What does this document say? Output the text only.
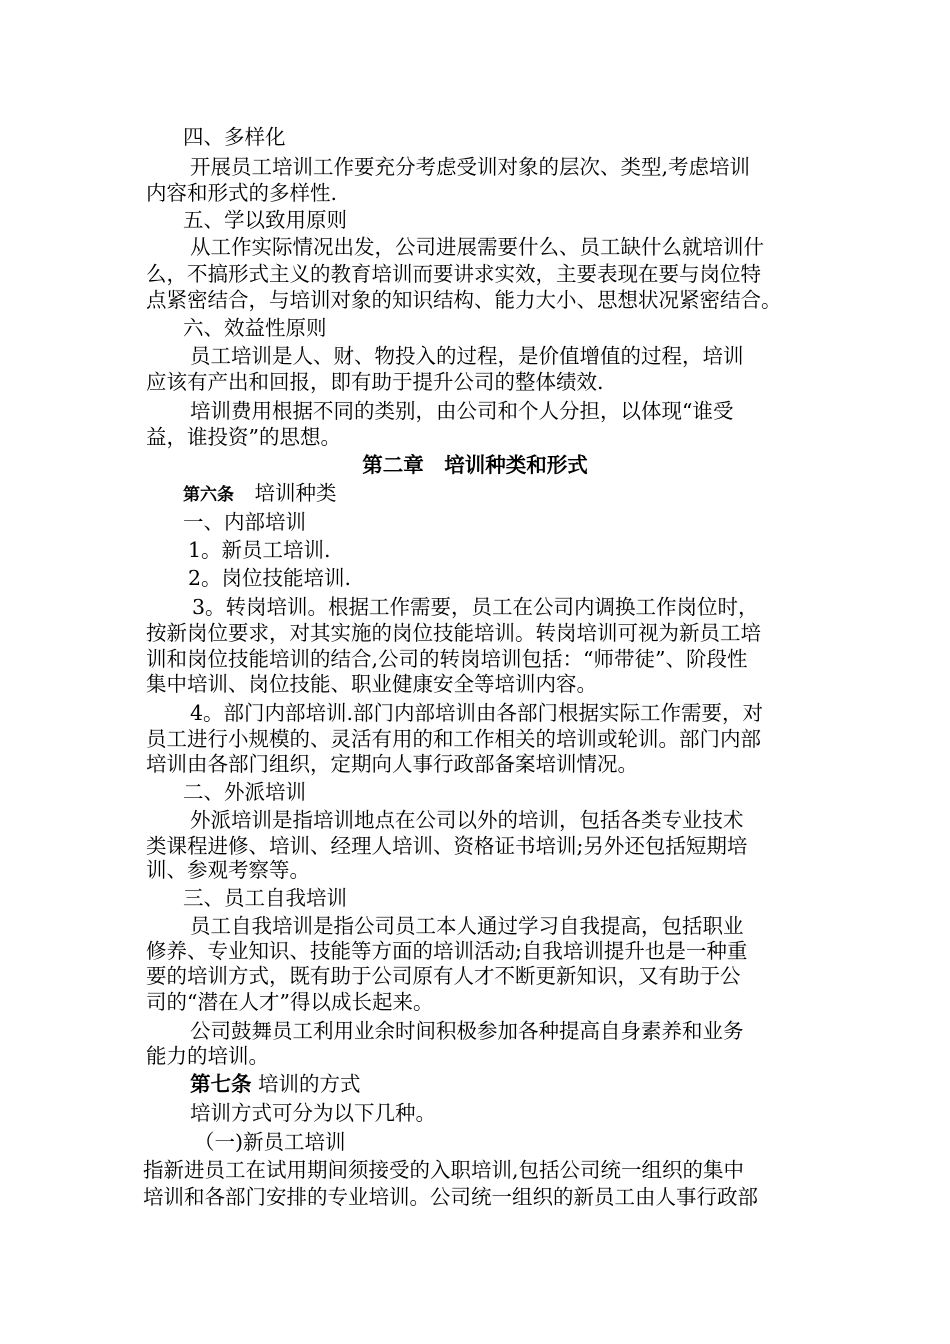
四、多样化

开展员工培训工作要充分考虑受训对象的层次、类型,考虑培训

内容和形式的多样性.

五、学以致用原则

从工作实际情况出发，公司进展需要什么、员工缺什么就培训什

么，不搞形式主义的教育培训而要讲求实效，主要表现在要与岗位特

点紧密结合，与培训对象的知识结构、能力大小、思想状况紧密结合。

六、效益性原则

员工培训是人、财、物投入的过程，是价值增值的过程，培训

应该有产出和回报，即有助于提升公司的整体绩效.

培训费用根据不同的类别，由公司和个人分担，以体现“谁受

益，谁投资”的思想。

第二章　培训种类和形式

第六条　培训种类

一、内部培训

1。新员工培训.

2。岗位技能培训.

3。转岗培训。根据工作需要，员工在公司内调换工作岗位时，

按新岗位要求，对其实施的岗位技能培训。转岗培训可视为新员工培

训和岗位技能培训的结合,公司的转岗培训包括：“师带徒”、阶段性

集中培训、岗位技能、职业健康安全等培训内容。

4。部门内部培训.部门内部培训由各部门根据实际工作需要，对

员工进行小规模的、灵活有用的和工作相关的培训或轮训。部门内部

培训由各部门组织，定期向人事行政部备案培训情况。

二、外派培训

外派培训是指培训地点在公司以外的培训，包括各类专业技术

类课程进修、培训、经理人培训、资格证书培训;另外还包括短期培

训、参观考察等。

三、员工自我培训

员工自我培训是指公司员工本人通过学习自我提高，包括职业

修养、专业知识、技能等方面的培训活动;自我培训提升也是一种重

要的培训方式，既有助于公司原有人才不断更新知识，又有助于公

司的“潜在人才”得以成长起来。

公司鼓舞员工利用业余时间积极参加各种提高自身素养和业务

能力的培训。

第七条 培训的方式

培训方式可分为以下几种。

（一)新员工培训

指新进员工在试用期间须接受的入职培训,包括公司统一组织的集中

培训和各部门安排的专业培训。公司统一组织的新员工由人事行政部
